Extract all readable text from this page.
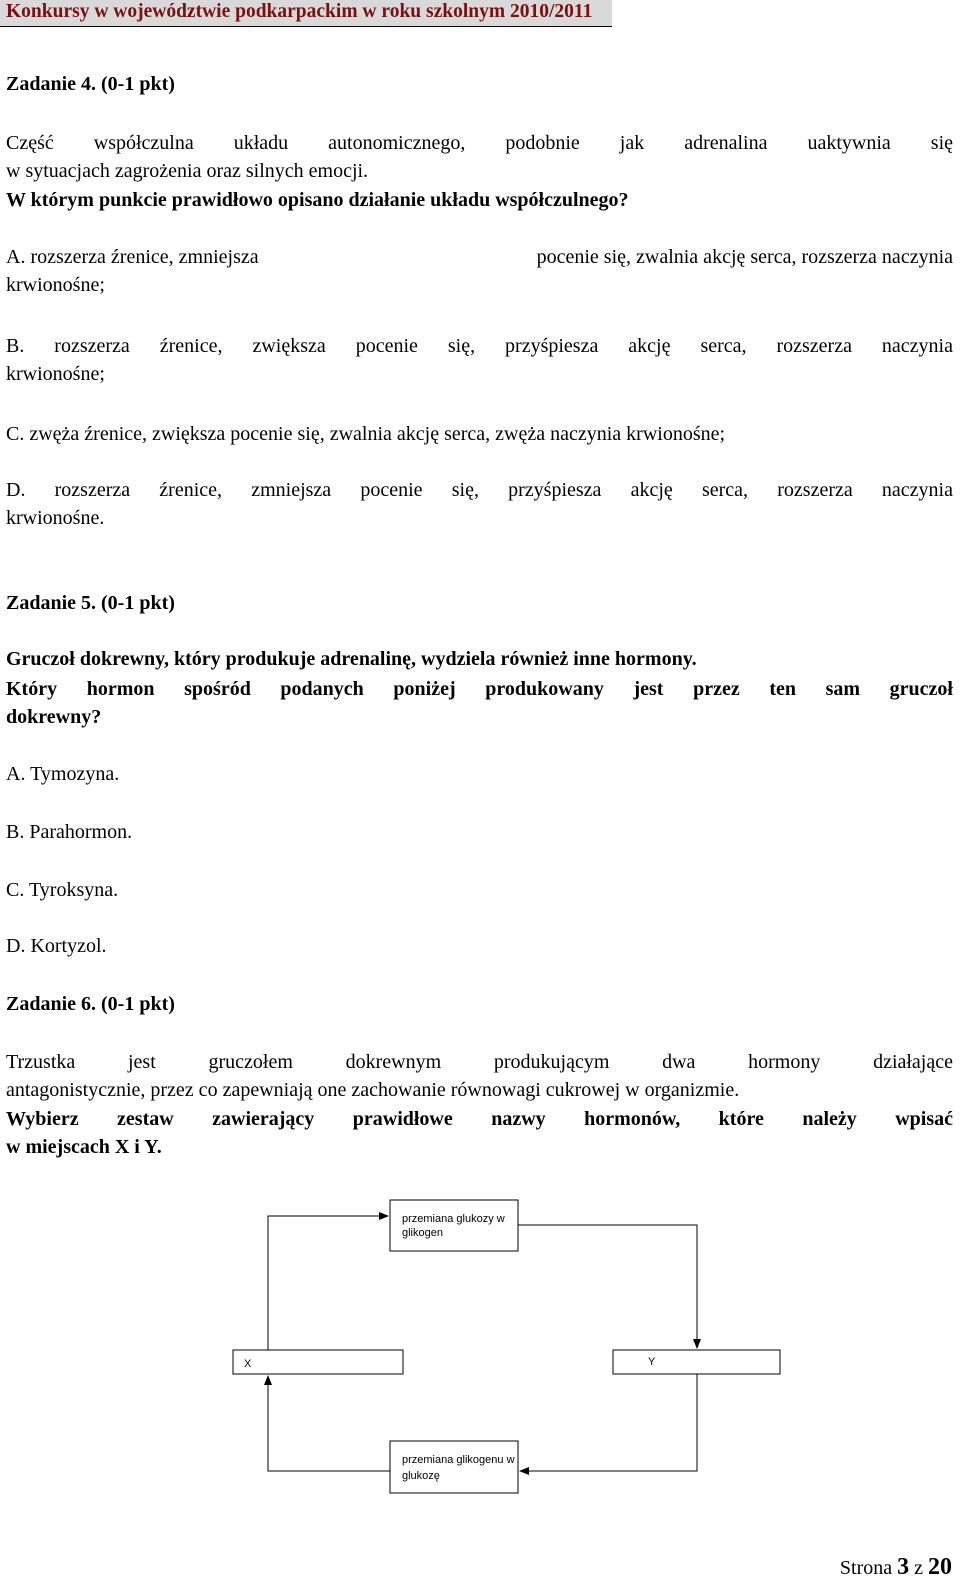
Konkursy w województwie podkarpackim w roku szkolnym 2010/2011
Zadanie 4. (0-1 pkt)
Część współczulna układu autonomicznego, podobnie jak adrenalina uaktywnia się
w sytuacjach zagrożenia oraz silnych emocji.
W którym punkcie prawidłowo opisano działanie układu współczulnego?
A. rozszerza źrenice, zmniejsza	pocenie się, zwalnia akcję serca, rozszerza naczynia
krwionośne;
B. rozszerza źrenice, zwiększa pocenie się, przyśpiesza akcję serca, rozszerza naczynia
krwionośne;
C. zwęża źrenice, zwiększa pocenie się, zwalnia akcję serca, zwęża naczynia krwionośne;
D. rozszerza źrenice, zmniejsza pocenie się, przyśpiesza akcję serca, rozszerza naczynia
krwionośne.
Zadanie 5. (0-1 pkt)
Gruczoł dokrewny, który produkuje adrenalinę, wydziela również inne hormony.
Który hormon spośród podanych poniżej produkowany jest przez ten sam gruczoł
dokrewny?
A. Tymozyna.
B. Parahormon.
C. Tyroksyna.
D. Kortyzol.
Zadanie 6. (0-1 pkt)
Trzustka jest gruczołem dokrewnym produkującym dwa hormony działające
antagonistycznie, przez co zapewniają one zachowanie równowagi cukrowej w organizmie.
Wybierz zestaw zawierający prawidłowe nazwy hormonów, które należy wpisać
w miejscach X i Y.
przemiana glukozy w
glikogen
przemiana glikogenu w
glukozę
X	Y
Strona 3 z 20
